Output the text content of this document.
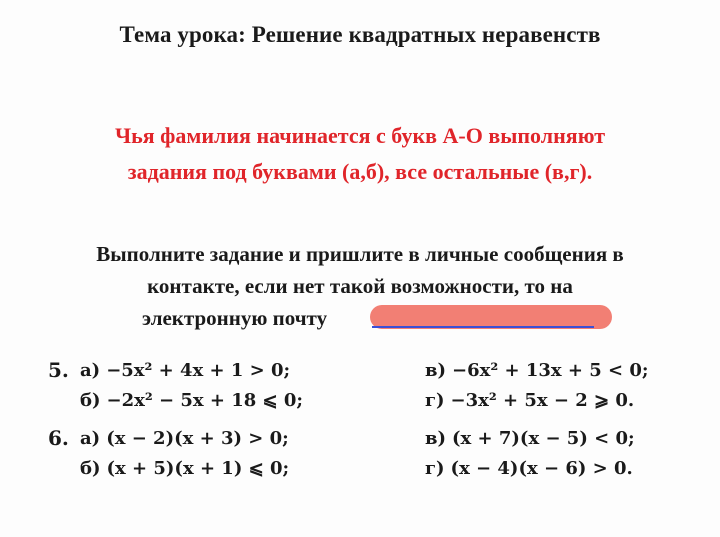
Тема урока: Решение квадратных неравенств
Чья фамилия начинается с букв А-О выполняют
задания под буквами (а,б), все остальные (в,г).
Выполните задание и пришлите в личные сообщения в
контакте, если нет такой возможности, то на
электронную почту
5. а) −5x² + 4x + 1 > 0;
б) −2x² − 5x + 18 ⩽ 0;
в) −6x² + 13x + 5 < 0;
г) −3x² + 5x − 2 ⩾ 0.
6. а) (x − 2)(x + 3) > 0;
б) (x + 5)(x + 1) ⩽ 0;
в) (x + 7)(x − 5) < 0;
г) (x − 4)(x − 6) > 0.
